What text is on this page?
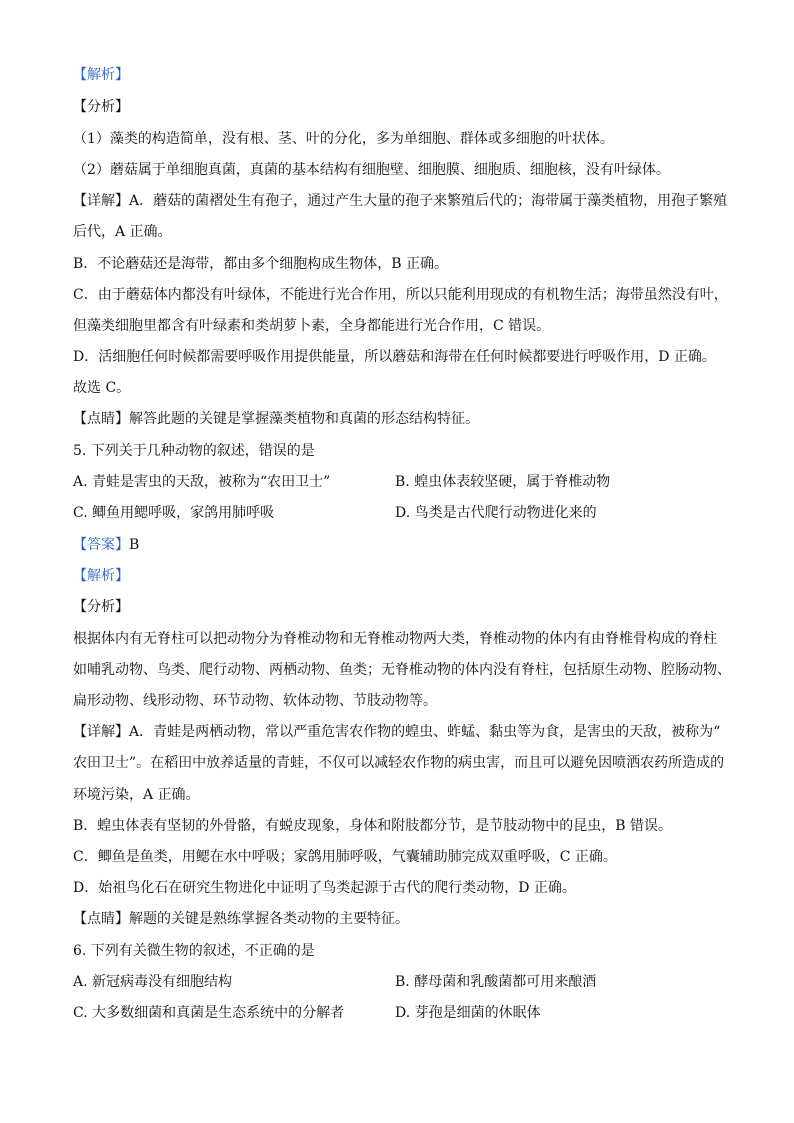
【解析】
【分析】
（1）藻类的构造简单，没有根、茎、叶的分化，多为单细胞、群体或多细胞的叶状体。
（2）蘑菇属于单细胞真菌，真菌的基本结构有细胞壁、细胞膜、细胞质、细胞核，没有叶绿体。
【详解】A．蘑菇的菌褶处生有孢子，通过产生大量的孢子来繁殖后代的；海带属于藻类植物，用孢子繁殖
后代，A 正确。
B．不论蘑菇还是海带，都由多个细胞构成生物体，B 正确。
C．由于蘑菇体内都没有叶绿体，不能进行光合作用，所以只能利用现成的有机物生活；海带虽然没有叶，
但藻类细胞里都含有叶绿素和类胡萝卜素，全身都能进行光合作用，C 错误。
D．活细胞任何时候都需要呼吸作用提供能量，所以蘑菇和海带在任何时候都要进行呼吸作用，D 正确。
故选 C。
【点睛】解答此题的关键是掌握藻类植物和真菌的形态结构特征。
5. 下列关于几种动物的叙述，错误的是
A. 青蛙是害虫的天敌，被称为“农田卫士”	B. 蝗虫体表较坚硬，属于脊椎动物
C. 鲫鱼用鳃呼吸，家鸽用肺呼吸	D. 鸟类是古代爬行动物进化来的
【答案】B
【解析】
【分析】
根据体内有无脊柱可以把动物分为脊椎动物和无脊椎动物两大类，脊椎动物的体内有由脊椎骨构成的脊柱
如哺乳动物、鸟类、爬行动物、两栖动物、鱼类；无脊椎动物的体内没有脊柱，包括原生动物、腔肠动物、
扁形动物、线形动物、环节动物、软体动物、节肢动物等。
【详解】A．青蛙是两栖动物，常以严重危害农作物的蝗虫、蚱蜢、黏虫等为食，是害虫的天敌，被称为“
农田卫士”。在稻田中放养适量的青蛙，不仅可以减轻农作物的病虫害，而且可以避免因喷洒农药所造成的
环境污染，A 正确。
B．蝗虫体表有坚韧的外骨骼，有蜕皮现象，身体和附肢都分节，是节肢动物中的昆虫，B 错误。
C．鲫鱼是鱼类，用鳃在水中呼吸；家鸽用肺呼吸，气囊辅助肺完成双重呼吸，C 正确。
D．始祖鸟化石在研究生物进化中证明了鸟类起源于古代的爬行类动物，D 正确。
【点睛】解题的关键是熟练掌握各类动物的主要特征。
6. 下列有关微生物的叙述，不正确的是
A. 新冠病毒没有细胞结构	B. 酵母菌和乳酸菌都可用来酿酒
C. 大多数细菌和真菌是生态系统中的分解者	D. 芽孢是细菌的休眠体
